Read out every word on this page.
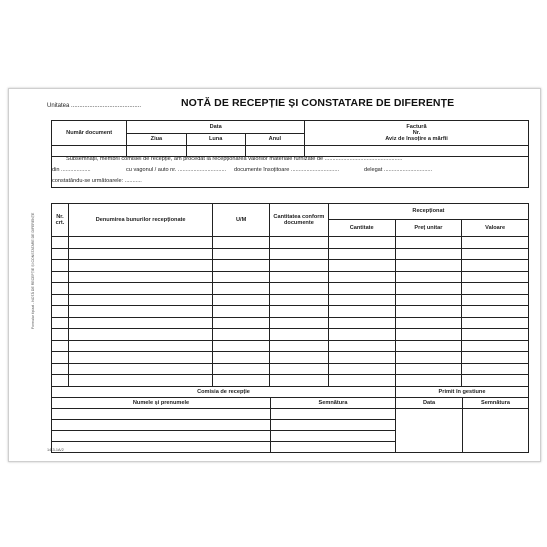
Unitatea ..........................................	NOTĂ DE RECEPȚIE ȘI CONSTATARE DE DIFERENȚE
Număr document	Data			Factură
Nr.
Aviz de însoțire a mărfii

	Ziua	Luna	Anul	

Subsemnații, membrii comisiei de recepție, am procedat la recepționarea valorilor materiale furnizate de ..................................................
din ...................	cu vagonul / auto nr. ............................... documente însoțitoare ...............................	delegat ...............................
constatându-se următoarele: ...........
Nr. crt.	Denumirea bunurilor recepționate	U/M	Cantitatea conform documente	Recepționat		
				Cantitate	Preț unitar	Valoare

Comisia de recepție		Primit în gestiune	
Numele și prenumele	Semnătura	Data	Semnătura

Formular tipizat - NOTĂ DE RECEPȚIE ȘI CONSTATARE DE DIFERENȚE
14-3-1A/2
